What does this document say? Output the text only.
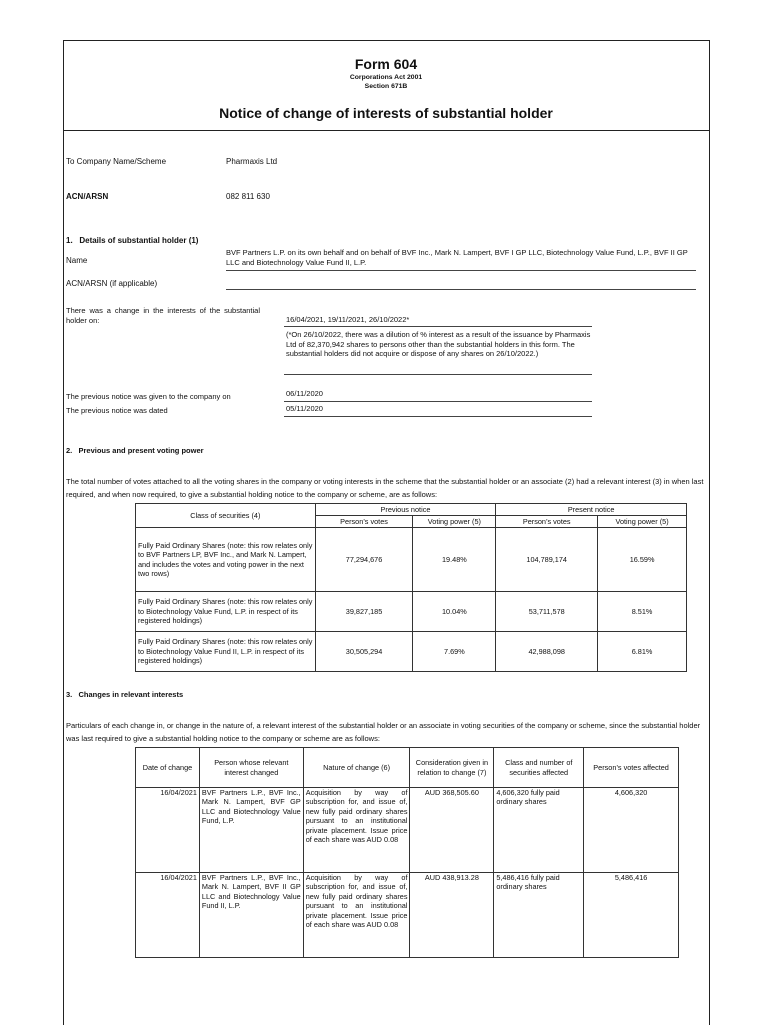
Form 604
Corporations Act 2001
Section 671B
Notice of change of interests of substantial holder
To Company Name/Scheme	Pharmaxis Ltd
ACN/ARSN	082 811 630
1.   Details of substantial holder (1)
Name
BVF Partners L.P. on its own behalf and on behalf of BVF Inc., Mark N. Lampert, BVF I GP LLC, Biotechnology Value Fund, L.P., BVF II GP LLC and Biotechnology Value Fund II, L.P.
ACN/ARSN (if applicable)
There was a change in the interests of the substantial holder on:	16/04/2021, 19/11/2021, 26/10/2022*
(*On 26/10/2022, there was a dilution of % interest as a result of the issuance by Pharmaxis Ltd of 82,370,942 shares to persons other than the substantial holders in this form. The substantial holders did not acquire or dispose of any shares on 26/10/2022.)
The previous notice was given to the company on	06/11/2020
The previous notice was dated	05/11/2020
2.   Previous and present voting power
The total number of votes attached to all the voting shares in the company or voting interests in the scheme that the substantial holder or an associate (2) had a relevant interest (3) in when last required, and when now required, to give a substantial holding notice to the company or scheme, are as follows:
Class of securities (4)	Previous notice		Present notice	
	Person’s votes	Voting power (5)	Person’s votes	Voting power (5)
Fully Paid Ordinary Shares (note: this row relates only to BVF Partners LP, BVF Inc., and Mark N. Lampert, and includes the votes and voting power in the next two rows)	77,294,676	19.48%	104,789,174	16.59%
Fully Paid Ordinary Shares (note: this row relates only to Biotechnology Value Fund, L.P. in respect of its registered holdings)	39,827,185	10.04%	53,711,578	8.51%
Fully Paid Ordinary Shares (note: this row relates only to Biotechnology Value Fund II, L.P. in respect of its registered holdings)	30,505,294	7.69%	42,988,098	6.81%
3.   Changes in relevant interests
Particulars of each change in, or change in the nature of, a relevant interest of the substantial holder or an associate in voting securities of the company or scheme, since the substantial holder was last required to give a substantial holding notice to the company or scheme are as follows:
Date of change	Person whose relevant interest changed	Nature of change (6)	Consideration given in relation to change (7)	Class and number of securities affected	Person’s votes affected
16/04/2021	BVF Partners L.P., BVF Inc., Mark N. Lampert, BVF GP LLC and Biotechnology Value Fund, L.P.	Acquisition by way of subscription for, and issue of, new fully paid ordinary shares pursuant to an institutional private placement. Issue price of each share was AUD 0.08	AUD 368,505.60	4,606,320 fully paid ordinary shares	4,606,320
16/04/2021	BVF Partners L.P., BVF Inc., Mark N. Lampert, BVF II GP LLC and Biotechnology Value Fund II, L.P.	Acquisition by way of subscription for, and issue of, new fully paid ordinary shares pursuant to an institutional private placement. Issue price of each share was AUD 0.08	AUD 438,913.28	5,486,416 fully paid ordinary shares	5,486,416
